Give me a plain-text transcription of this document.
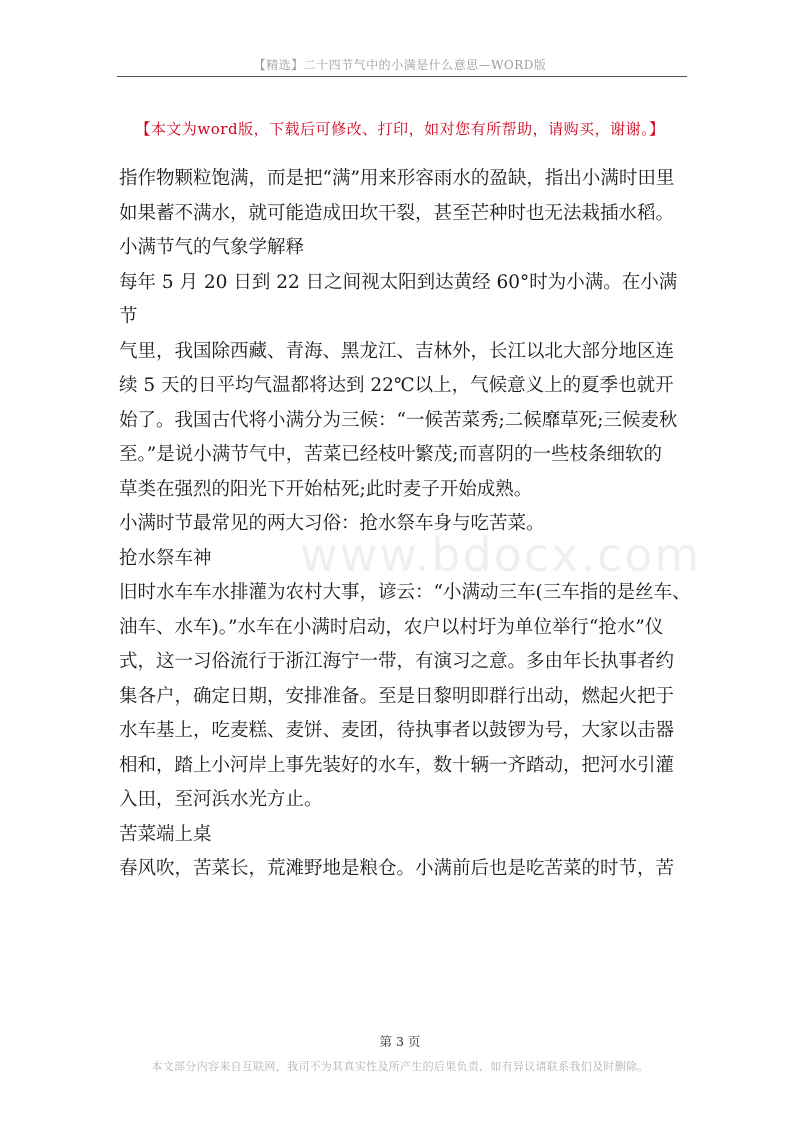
【精选】二十四节气中的小满是什么意思—WORD版
【本文为word版，下载后可修改、打印，如对您有所帮助，请购买，谢谢。】

指作物颗粒饱满，而是把“满”用来形容雨水的盈缺，指出小满时田里

如果蓄不满水，就可能造成田坎干裂，甚至芒种时也无法栽插水稻。

小满节气的气象学解释

每年 5 月 20 日到 22 日之间视太阳到达黄经 60°时为小满。在小满节

气里，我国除西藏、青海、黑龙江、吉林外，长江以北大部分地区连

续 5 天的日平均气温都将达到 22℃以上，气候意义上的夏季也就开

始了。我国古代将小满分为三候：“一候苦菜秀;二候靡草死;三候麦秋

至。”是说小满节气中，苦菜已经枝叶繁茂;而喜阴的一些枝条细软的

草类在强烈的阳光下开始枯死;此时麦子开始成熟。

小满时节最常见的两大习俗：抢水祭车身与吃苦菜。

抢水祭车神

旧时水车车水排灌为农村大事，谚云：“小满动三车(三车指的是丝车、

油车、水车)。”水车在小满时启动，农户以村圩为单位举行“抢水”仪

式，这一习俗流行于浙江海宁一带，有演习之意。多由年长执事者约

集各户，确定日期，安排准备。至是日黎明即群行出动，燃起火把于

水车基上，吃麦糕、麦饼、麦团，待执事者以鼓锣为号，大家以击器

相和，踏上小河岸上事先装好的水车，数十辆一齐踏动，把河水引灌

入田，至河浜水光方止。

苦菜端上桌

春风吹，苦菜长，荒滩野地是粮仓。小满前后也是吃苦菜的时节，苦

www.bdocx.com
第 3 页
本文部分内容来自互联网，我司不为其真实性及所产生的后果负责，如有异议请联系我们及时删除。
